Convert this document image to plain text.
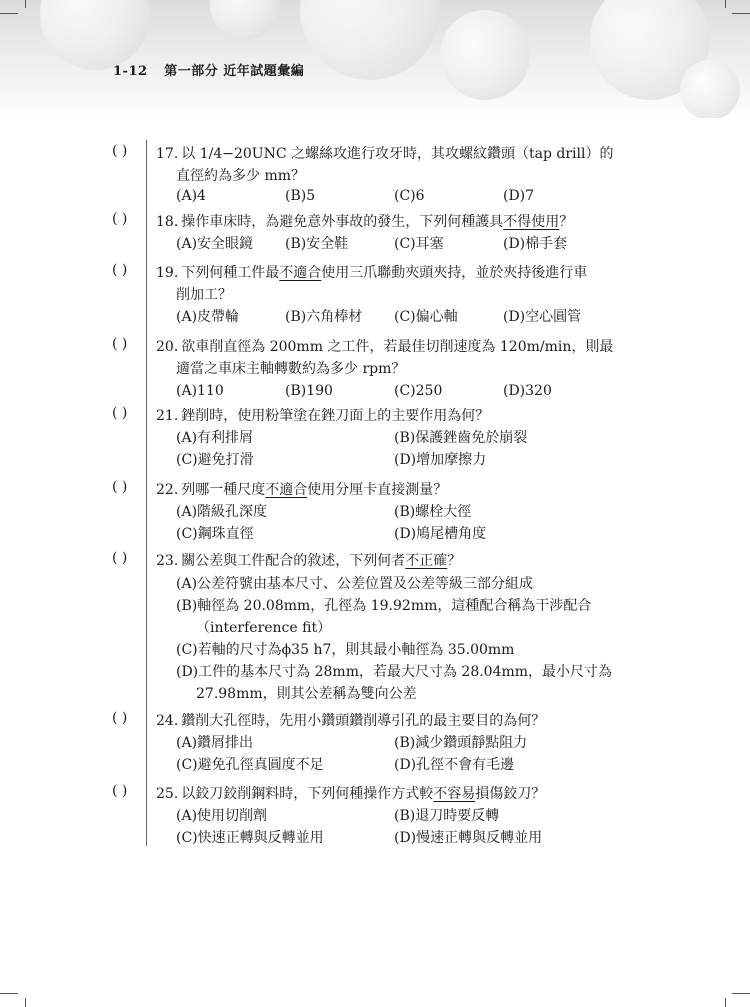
1-12 第一部分 近年試題彙編
( ) 17. 以 1/4−20UNC 之螺絲攻進行攻牙時，其攻螺紋鑽頭（tap drill）的
直徑約為多少 mm？
(A)4	(B)5	(C)6	(D)7
( ) 18. 操作車床時，為避免意外事故的發生，下列何種護具不得使用？
(A)安全眼鏡 (B)安全鞋	(C)耳塞	(D)棉手套
( ) 19. 下列何種工件最不適合使用三爪聯動夾頭夾持，並於夾持後進行車
削加工？
(A)皮帶輪	(B)六角棒材 (C)偏心軸	(D)空心圓管
( ) 20. 欲車削直徑為 200mm 之工件，若最佳切削速度為 120m/min，則最
適當之車床主軸轉數約為多少 rpm？
(A)110	(B)190	(C)250	(D)320
( ) 21. 銼削時，使用粉筆塗在銼刀面上的主要作用為何？
(A)有利排屑	(B)保護銼齒免於崩裂
(C)避免打滑	(D)增加摩擦力
( ) 22. 列哪一種尺度不適合使用分厘卡直接測量？
(A)階級孔深度	(B)螺栓大徑
(C)鋼珠直徑	(D)鳩尾槽角度
( ) 23. 關公差與工件配合的敘述，下列何者不正確？
(A)公差符號由基本尺寸、公差位置及公差等級三部分組成
(B)軸徑為 20.08mm，孔徑為 19.92mm，這種配合稱為干涉配合
（interference fit）
(C)若軸的尺寸為ϕ35 h7，則其最小軸徑為 35.00mm
(D)工件的基本尺寸為 28mm，若最大尺寸為 28.04mm，最小尺寸為
27.98mm，則其公差稱為雙向公差
( ) 24. 鑽削大孔徑時，先用小鑽頭鑽削導引孔的最主要目的為何？
(A)鑽屑排出	(B)減少鑽頭靜點阻力
(C)避免孔徑真圓度不足	(D)孔徑不會有毛邊
( ) 25. 以鉸刀鉸削鋼料時，下列何種操作方式較不容易損傷鉸刀？
(A)使用切削劑	(B)退刀時要反轉
(C)快速正轉與反轉並用	(D)慢速正轉與反轉並用
